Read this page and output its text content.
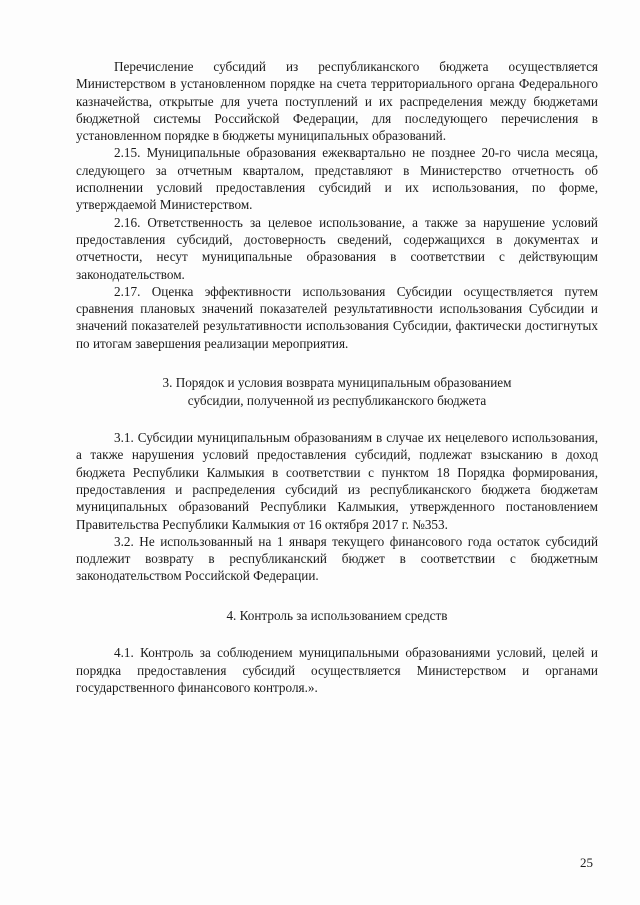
Перечисление субсидий из республиканского бюджета осуществляется Министерством в установленном порядке на счета территориального органа Федерального казначейства, открытые для учета поступлений и их распределения между бюджетами бюджетной системы Российской Федерации, для последующего перечисления в установленном порядке в бюджеты муниципальных образований.

2.15. Муниципальные образования ежеквартально не позднее 20-го числа месяца, следующего за отчетным кварталом, представляют в Министерство отчетность об исполнении условий предоставления субсидий и их использования, по форме, утверждаемой Министерством.

2.16. Ответственность за целевое использование, а также за нарушение условий предоставления субсидий, достоверность сведений, содержащихся в документах и отчетности, несут муниципальные образования в соответствии с действующим законодательством.

2.17. Оценка эффективности использования Субсидии осуществляется путем сравнения плановых значений показателей результативности использования Субсидии и значений показателей результативности использования Субсидии, фактически достигнутых по итогам завершения реализации мероприятия.

3. Порядок и условия возврата муниципальным образованием
субсидии, полученной из республиканского бюджета

3.1. Субсидии муниципальным образованиям в случае их нецелевого использования, а также нарушения условий предоставления субсидий, подлежат взысканию в доход бюджета Республики Калмыкия в соответствии с пунктом 18 Порядка формирования, предоставления и распределения субсидий из республиканского бюджета бюджетам муниципальных образований Республики Калмыкия, утвержденного постановлением Правительства Республики Калмыкия от 16 октября 2017 г. №353.

3.2. Не использованный на 1 января текущего финансового года остаток субсидий подлежит возврату в республиканский бюджет в соответствии с бюджетным законодательством Российской Федерации.

4. Контроль за использованием средств

4.1. Контроль за соблюдением муниципальными образованиями условий, целей и порядка предоставления субсидий осуществляется Министерством и органами государственного финансового контроля.».

25
